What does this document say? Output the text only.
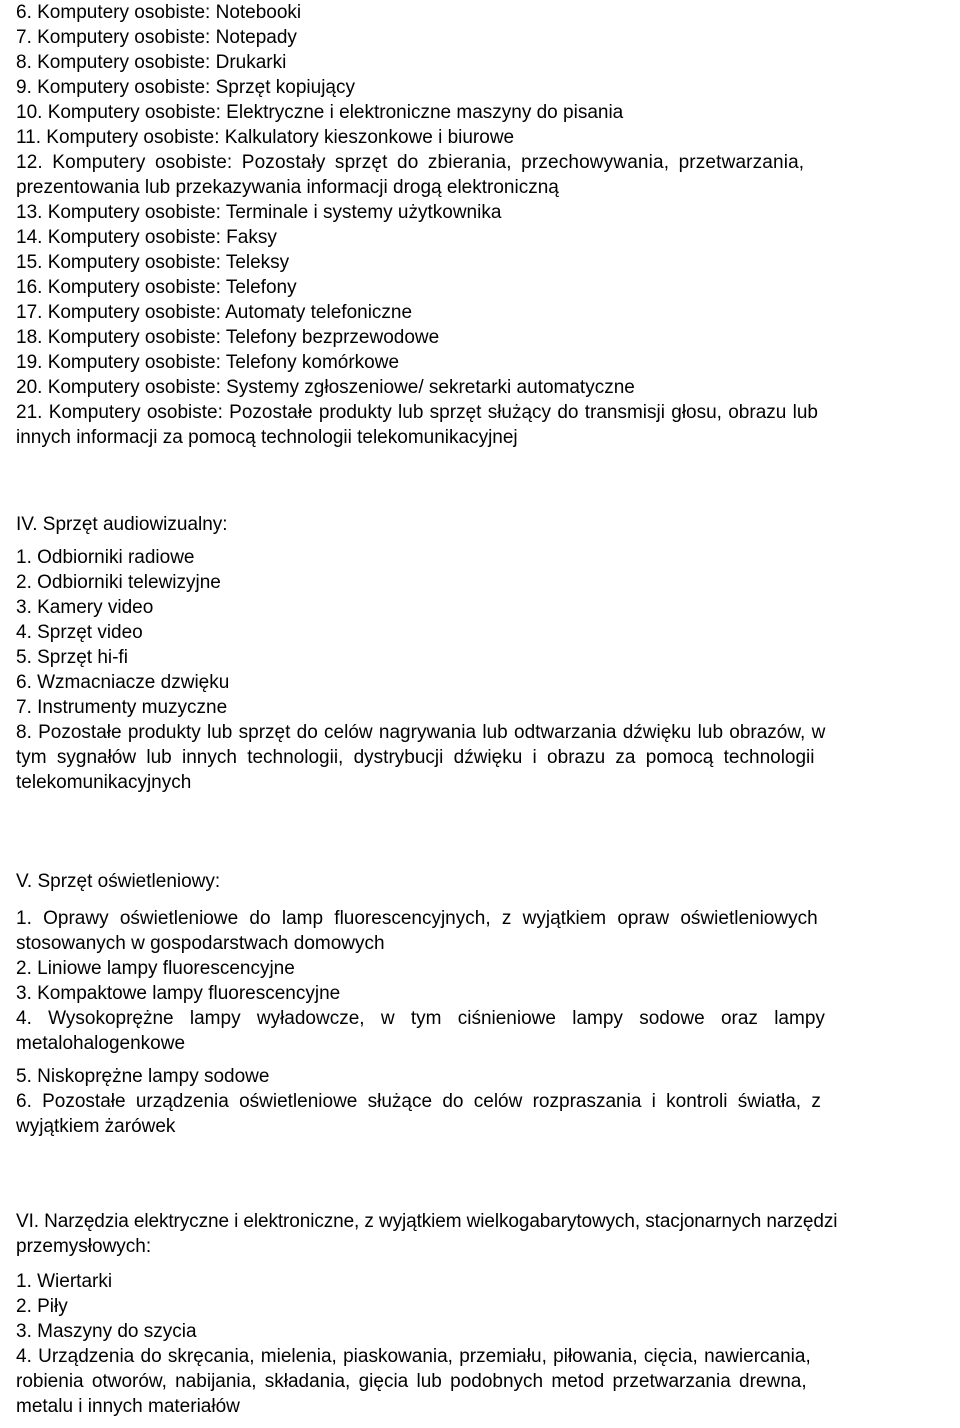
6. Komputery osobiste: Notebooki

7. Komputery osobiste: Notepady

8. Komputery osobiste: Drukarki

9. Komputery osobiste: Sprzęt kopiujący

10. Komputery osobiste: Elektryczne i elektroniczne maszyny do pisania

11. Komputery osobiste: Kalkulatory kieszonkowe i biurowe

12. Komputery osobiste: Pozostały sprzęt do zbierania, przechowywania, przetwarzania,
prezentowania lub przekazywania informacji drogą elektroniczną

13. Komputery osobiste: Terminale i systemy użytkownika

14. Komputery osobiste: Faksy

15. Komputery osobiste: Teleksy

16. Komputery osobiste: Telefony

17. Komputery osobiste: Automaty telefoniczne

18. Komputery osobiste: Telefony bezprzewodowe

19. Komputery osobiste: Telefony komórkowe

20. Komputery osobiste: Systemy zgłoszeniowe/ sekretarki automatyczne

21. Komputery osobiste: Pozostałe produkty lub sprzęt służący do transmisji głosu, obrazu lub
innych informacji za pomocą technologii telekomunikacyjnej

IV. Sprzęt audiowizualny:

1. Odbiorniki radiowe

2. Odbiorniki telewizyjne

3. Kamery video

4. Sprzęt video

5. Sprzęt hi-fi

6. Wzmacniacze dzwięku

7. Instrumenty muzyczne

8. Pozostałe produkty lub sprzęt do celów nagrywania lub odtwarzania dźwięku lub obrazów, w
tym sygnałów lub innych technologii, dystrybucji dźwięku i obrazu za pomocą technologii
telekomunikacyjnych

V. Sprzęt oświetleniowy:

1. Oprawy oświetleniowe do lamp fluorescencyjnych, z wyjątkiem opraw oświetleniowych
stosowanych w gospodarstwach domowych

2. Liniowe lampy fluorescencyjne

3. Kompaktowe lampy fluorescencyjne

4. Wysokoprężne lampy wyładowcze, w tym ciśnieniowe lampy sodowe oraz lampy
metalohalogenkowe

5. Niskoprężne lampy sodowe

6. Pozostałe urządzenia oświetleniowe służące do celów rozpraszania i kontroli światła, z
wyjątkiem żarówek
VI. Narzędzia elektryczne i elektroniczne, z wyjątkiem wielkogabarytowych, stacjonarnych narzędzi
przemysłowych:

1. Wiertarki

2. Piły

3. Maszyny do szycia

4. Urządzenia do skręcania, mielenia, piaskowania, przemiału, piłowania, cięcia, nawiercania,
robienia otworów, nabijania, składania, gięcia lub podobnych metod przetwarzania drewna,
metalu i innych materiałów
